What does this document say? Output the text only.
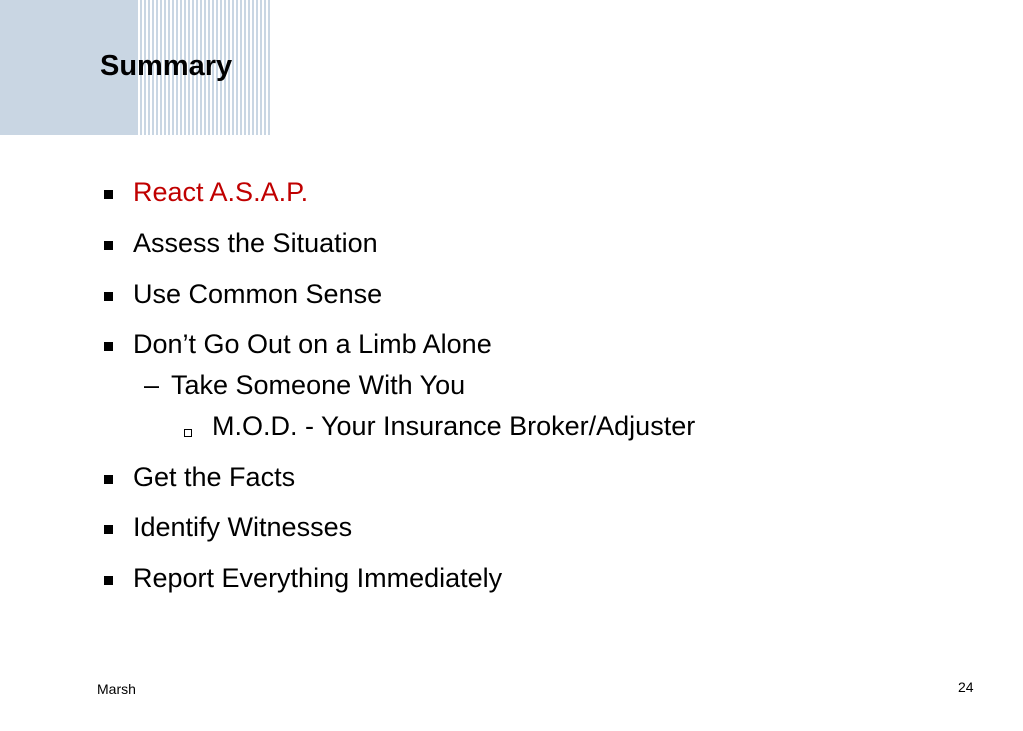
Summary
React A.S.A.P.
Assess the Situation
Use Common Sense
Don’t Go Out on a Limb Alone
– Take Someone With You
M.O.D. - Your Insurance Broker/Adjuster
Get the Facts
Identify Witnesses
Report Everything Immediately
Marsh	24
